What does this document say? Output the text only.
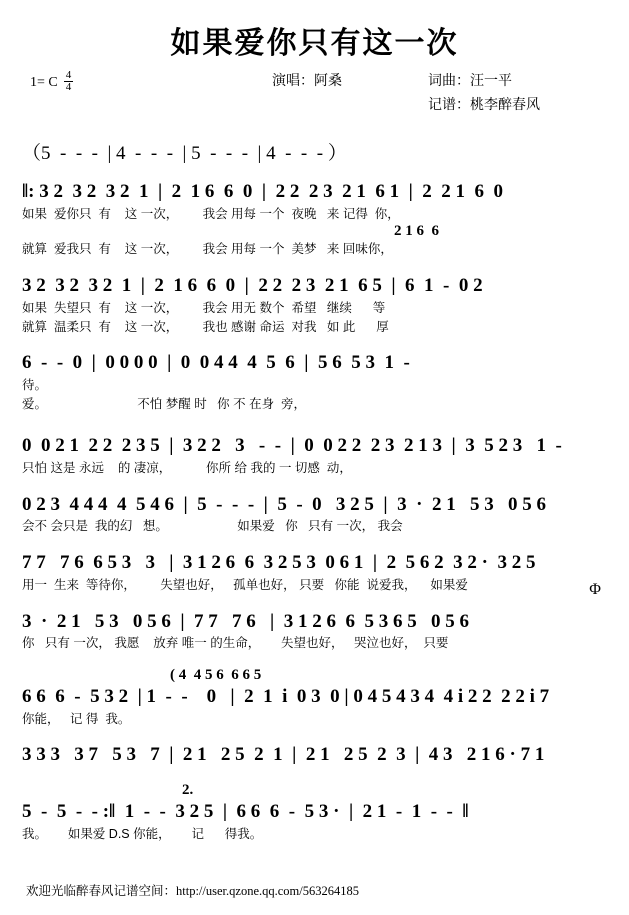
如果爱你只有这一次
1= C $\frac{4}{4}$	演唱：阿桑	词曲：汪一平
记谱：桃李醉春风
（5  -  -  -  | 4  -  -  -  | 5  -  -  -  | 4  -  -  - ）
‖: 3 2  3 2  3 2  1  |  2  1 6  6  0  |  2 2  2 3  2 1  6 1  |  2  2 1  6  0
如果  爱你只  有    这 一次，       我会 用每 一个  夜晚   来 记得  你，
2 1 6  6
就算  爱我只  有    这 一次，       我会 用每 一个  美梦   来 回味你，
3 2  3 2  3 2  1  |  2  1 6  6  0  |  2 2  2 3  2 1  6 5  |  6  1  -  0 2
如果  失望只  有    这 一次，       我会 用无 数个  希望   继续      等
就算  温柔只  有    这 一次，       我也 感谢 命运  对我   如 此      厚
6  -  -  0  |  0 0 0 0  |  0  0 4 4  4  5  6  |  5 6  5 3  1  -
待。
爱。                          不怕 梦醒 时   你 不 在身  旁，
0  0 2 1  2 2  2 3 5  |  3 2 2   3   -  -  |  0  0 2 2  2 3  2 1 3  |  3  5 2 3   1  -
只怕 这是 永远    的 凄凉，          你所 给 我的 一 切感  动，
0 2 3  4 4 4  4  5 4 6  |  5  -  -  -  |  5  -  0   3 2 5  |  3  ·  2 1   5 3   0 5 6
会不 会只是  我的幻   想。                    如果爱   你   只有 一次， 我会
7 7   7 6  6 5 3   3   |  3 1 2 6  6  3 2 5 3  0 6 1  |  2  5 6 2  3 2 ·  3 2 5
用一  生来  等待你，       失望也好，   孤单也好， 只要   你能  说爱我，    如果爱
3  ·  2 1   5 3   0 5 6  |  7 7   7 6   |  3 1 2 6  6  5 3 6 5   0 5 6
你   只有 一次， 我愿    放弃 唯一 的生命，      失望也好，   哭泣也好，  只要
Φ
( 4  4 5 6  6 6 5
6 6  6  -  5 3 2  | 1  -  -    0   |  2  1  i  0 3  0 | 0 4 5 4 3 4  4 i 2 2  2 2 i 7
你能，   记 得  我。
3 3 3   3 7   5 3   7  |  2 1   2 5  2  1  |  2 1   2 5  2  3  |  4 3   2 1 6 · 7 1
2.
5  -  5  -  - :‖  1  -  -  3 2 5  |  6 6  6  -  5 3 ·  |  2 1  -  1  -  -  ‖
我。      如果爱 D.S 你能，      记      得我。
欢迎光临醉春风记谱空间：http://user.qzone.qq.com/563264185
